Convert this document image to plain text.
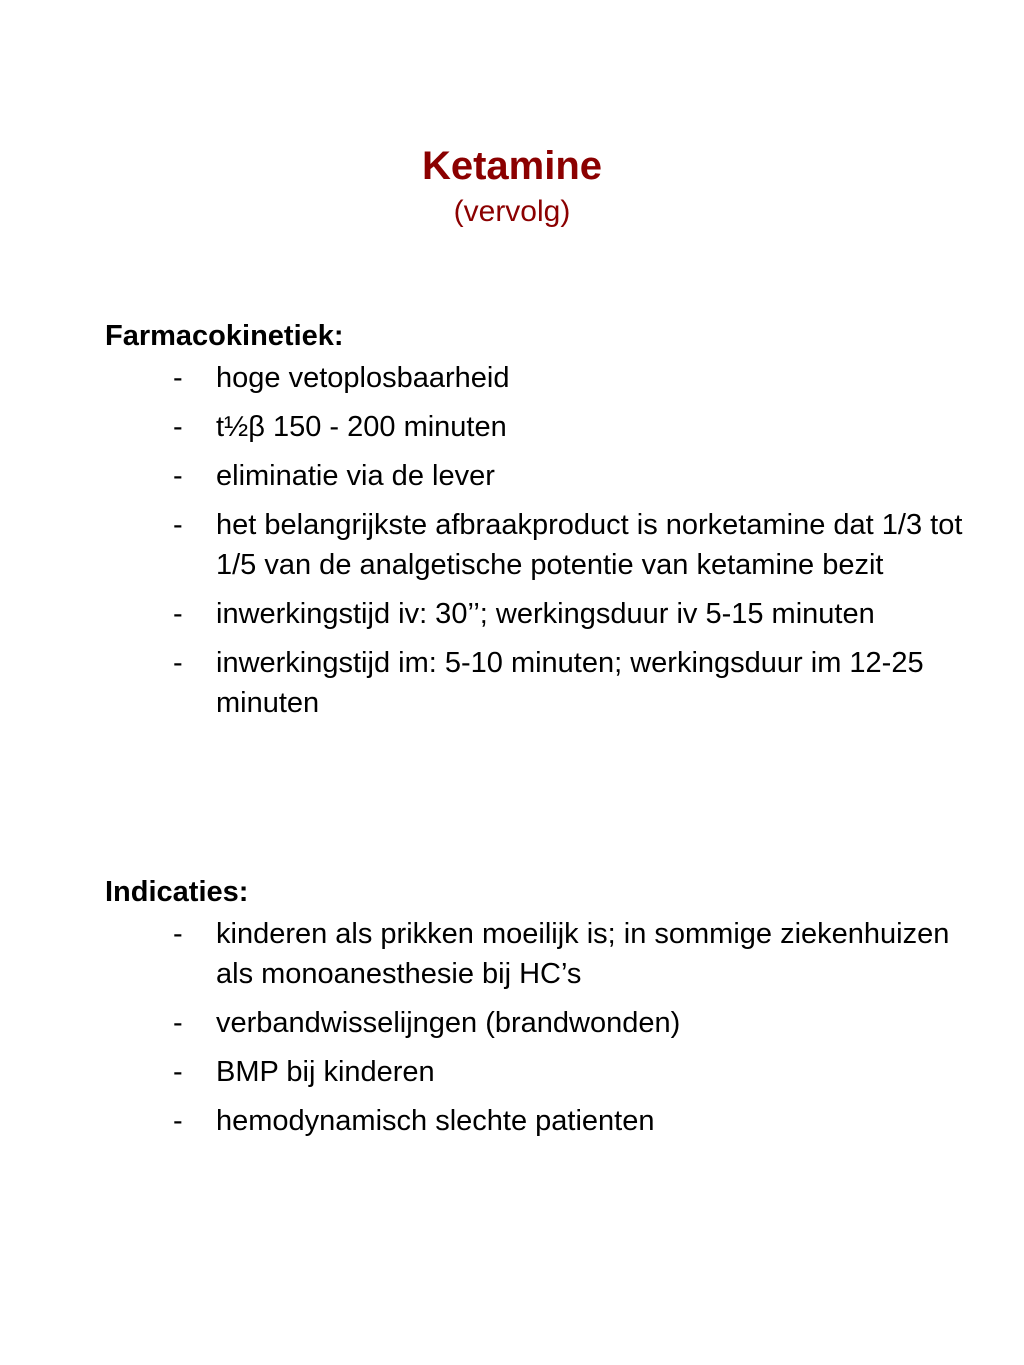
Ketamine
(vervolg)
Farmacokinetiek:
- hoge vetoplosbaarheid
- t½β 150 - 200 minuten
- eliminatie via de lever
- het belangrijkste afbraakproduct is norketamine dat 1/3 tot 1/5 van de analgetische potentie van ketamine bezit
- inwerkingstijd iv: 30’’; werkingsduur iv 5-15 minuten
- inwerkingstijd im: 5-10 minuten; werkingsduur im 12-25 minuten
Indicaties:
- kinderen als prikken moeilijk is; in sommige ziekenhuizen als monoanesthesie bij HC’s
- verbandwisselijngen (brandwonden)
- BMP bij kinderen
- hemodynamisch slechte patienten
